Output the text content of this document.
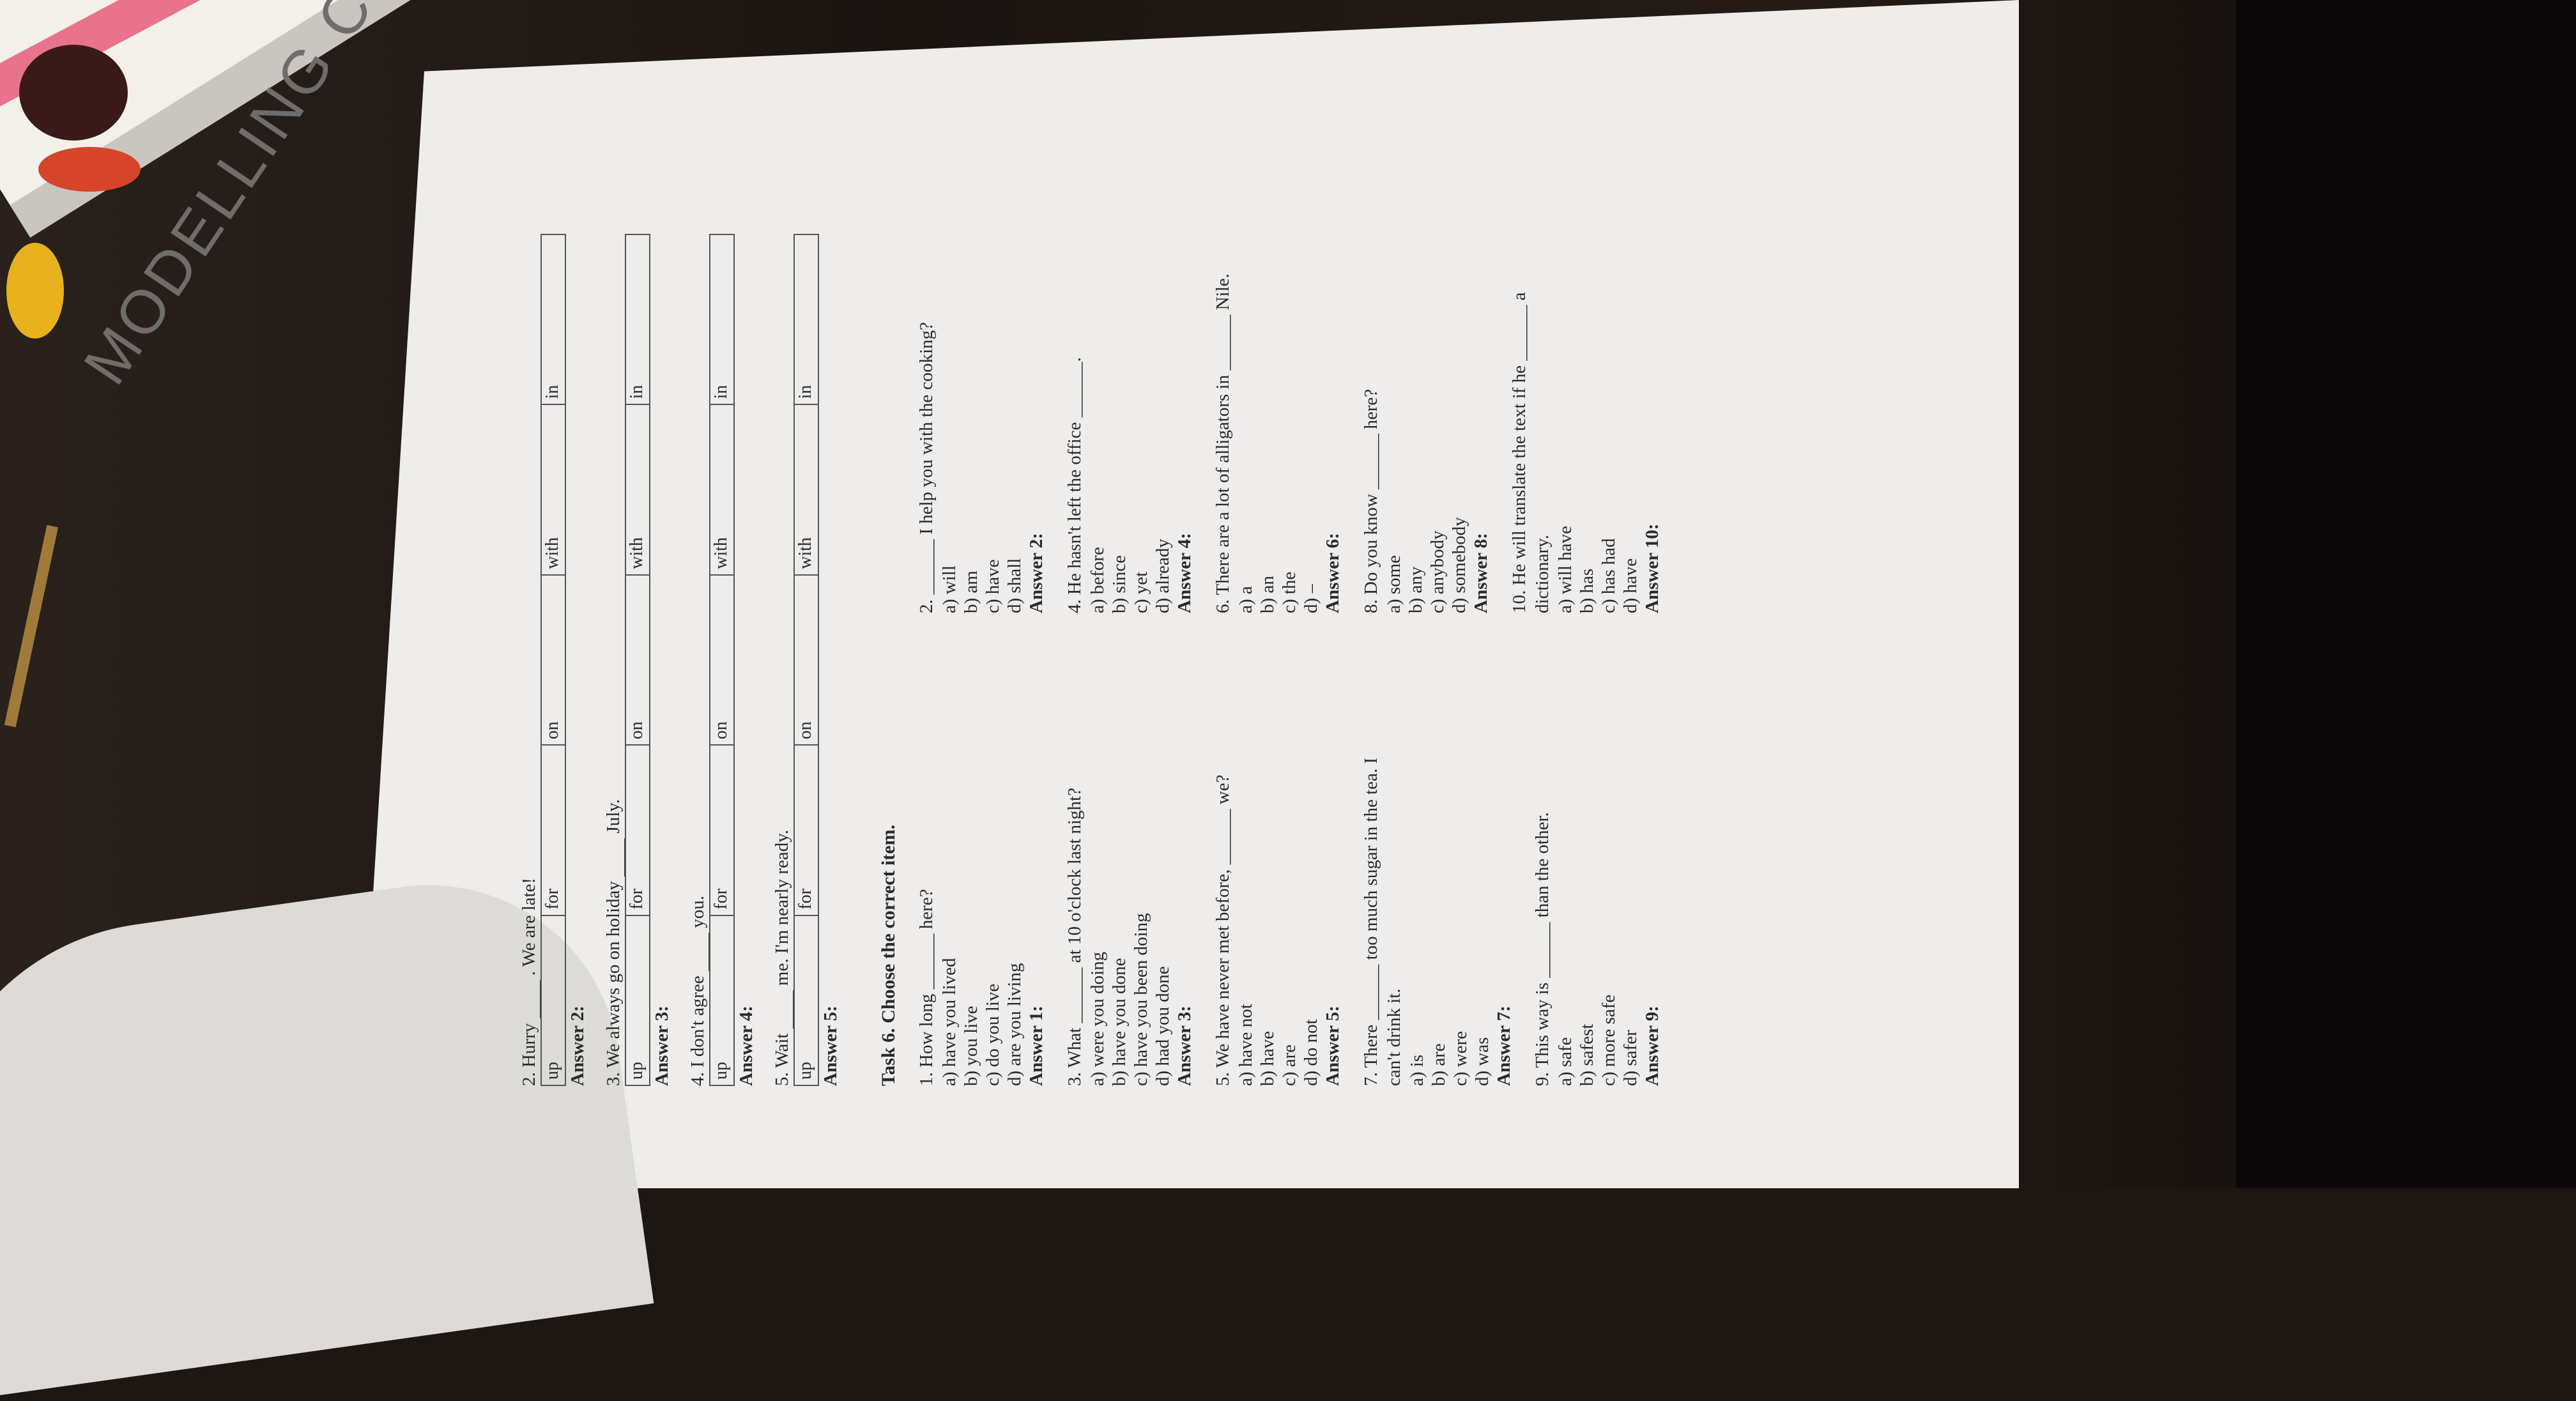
2. Hurry  . We are late!
up
for
on
with
in
Answer 2: 3. We always go on holiday  July.
up
for
on
with
in
Answer 3: 4. I don't agree  you.
up
for
on
with
in
Answer 4: 5. Wait  me. I'm nearly ready.
up
for
on
with
in
Answer 5: Task 6. Choose the correct item. 1. How long ______ here? a) have you lived b) you live c) do you live d) are you living Answer 1: 3. What ______ at 10 o'clock last night? a) were you doing b) have you done c) have you been doing d) had you done Answer 3: 5. We have never met before, ______ we? a) have not b) have c) are d) do not Answer 5: 7. There ______ too much sugar in the tea. I can't drink it. a) is b) are c) were d) was Answer 7: 9. This way is ______ than the other. a) safe b) safest c) more safe d) safer Answer 9:
2. ______ I help you with the cooking? a) will b) am c) have d) shall Answer 2: 4. He hasn't left the office ______. a) before b) since c) yet d) already Answer 4: 6. There are a lot of alligators in ______ Nile. a) a b) an c) the d) – Answer 6: 8. Do you know ______ here? a) some b) any c) anybody d) somebody Answer 8: 10. He will translate the text if he ______ a dictionary. a) will have b) has c) has had d) have Answer 10:
